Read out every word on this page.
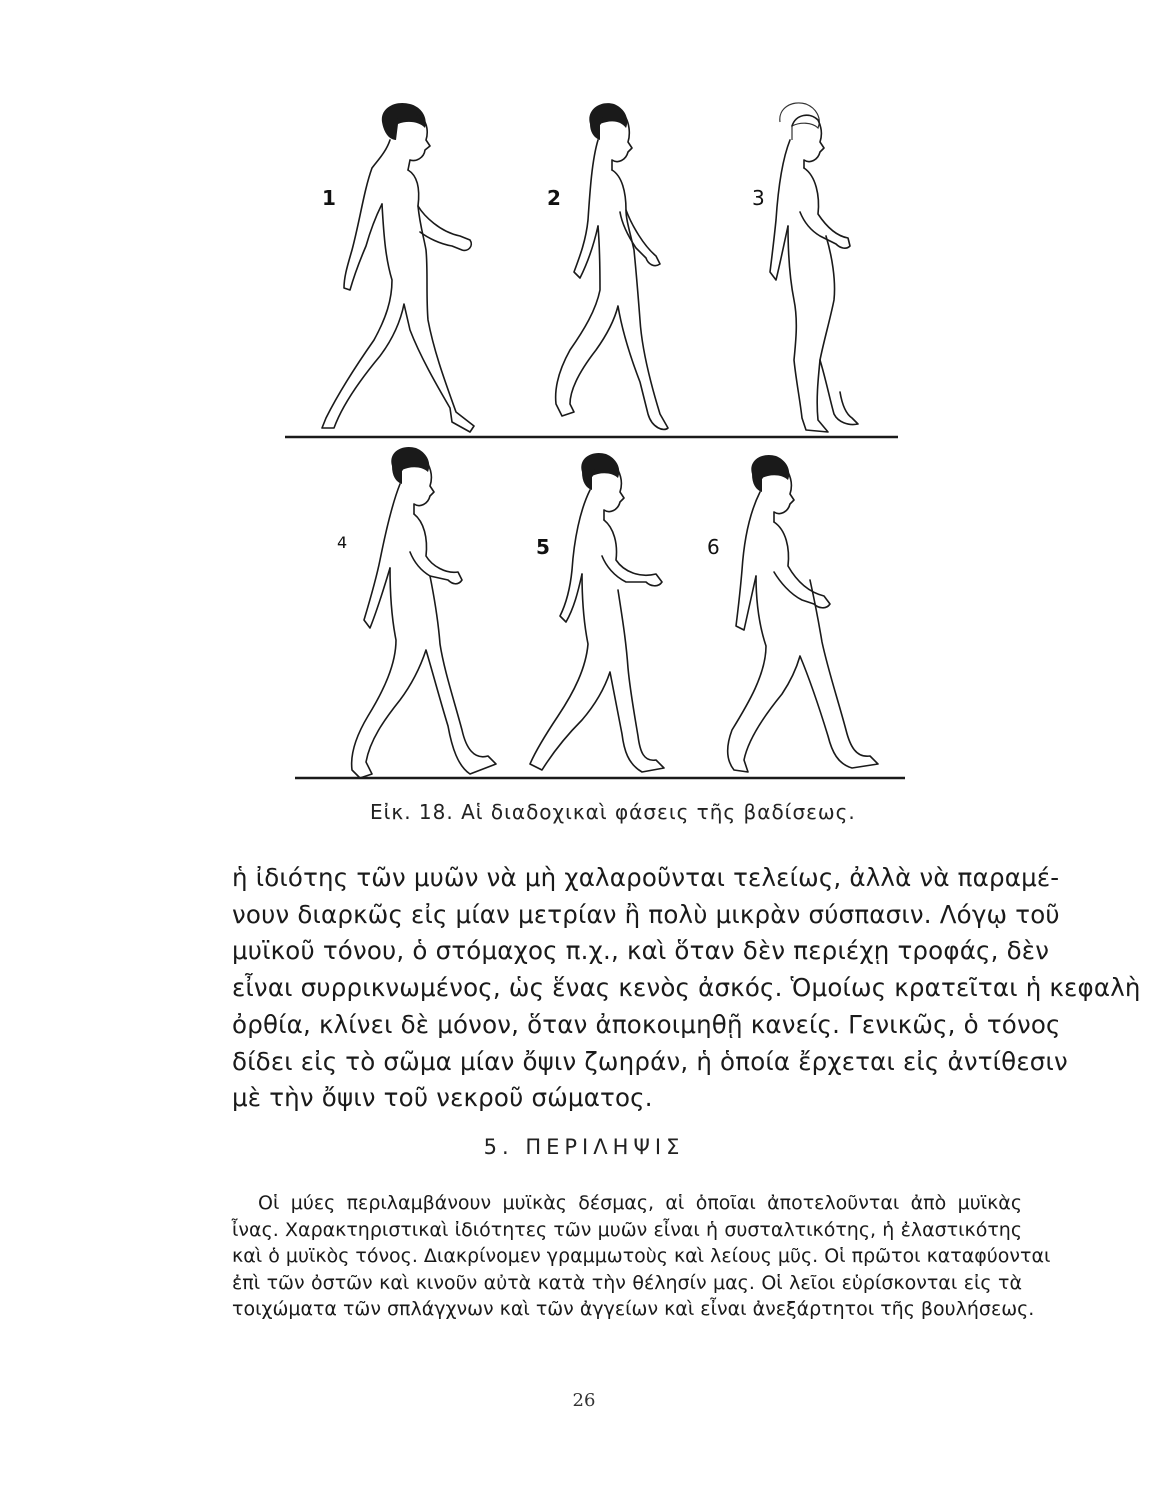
1	2	3
4	5	6
Εἰκ. 18. Αἱ διαδοχικαὶ φάσεις τῆς βαδίσεως.
ἡ ἰδιότης τῶν μυῶν νὰ μὴ χαλαροῦνται τελείως, ἀλλὰ νὰ παραμέ-
νουν διαρκῶς εἰς μίαν μετρίαν ἢ πολὺ μικρὰν σύσπασιν. Λόγῳ τοῦ
μυϊκοῦ τόνου, ὁ στόμαχος π.χ., καὶ ὅταν δὲν περιέχῃ τροφάς, δὲν
εἶναι συρρικνωμένος, ὡς ἕνας κενὸς ἀσκός. Ὁμοίως κρατεῖται ἡ κεφαλὴ
ὀρθία, κλίνει δὲ μόνον, ὅταν ἀποκοιμηθῇ κανείς. Γενικῶς, ὁ τόνος
δίδει εἰς τὸ σῶμα μίαν ὄψιν ζωηράν, ἡ ὁποία ἔρχεται εἰς ἀντίθεσιν
μὲ τὴν ὄψιν τοῦ νεκροῦ σώματος.
5. ΠΕΡΙΛΗΨΙΣ
Οἱ μύες περιλαμβάνουν μυϊκὰς δέσμας, αἱ ὁποῖαι ἀποτελοῦνται ἀπὸ μυϊκὰς
ἶνας. Χαρακτηριστικαὶ ἰδιότητες τῶν μυῶν εἶναι ἡ συσταλτικότης, ἡ ἐλαστικότης
καὶ ὁ μυϊκὸς τόνος. Διακρίνομεν γραμμωτοὺς καὶ λείους μῦς. Οἱ πρῶτοι καταφύονται
ἐπὶ τῶν ὀστῶν καὶ κινοῦν αὐτὰ κατὰ τὴν θέλησίν μας. Οἱ λεῖοι εὑρίσκονται εἰς τὰ
τοιχώματα τῶν σπλάγχνων καὶ τῶν ἀγγείων καὶ εἶναι ἀνεξάρτητοι τῆς βουλήσεως.
26
